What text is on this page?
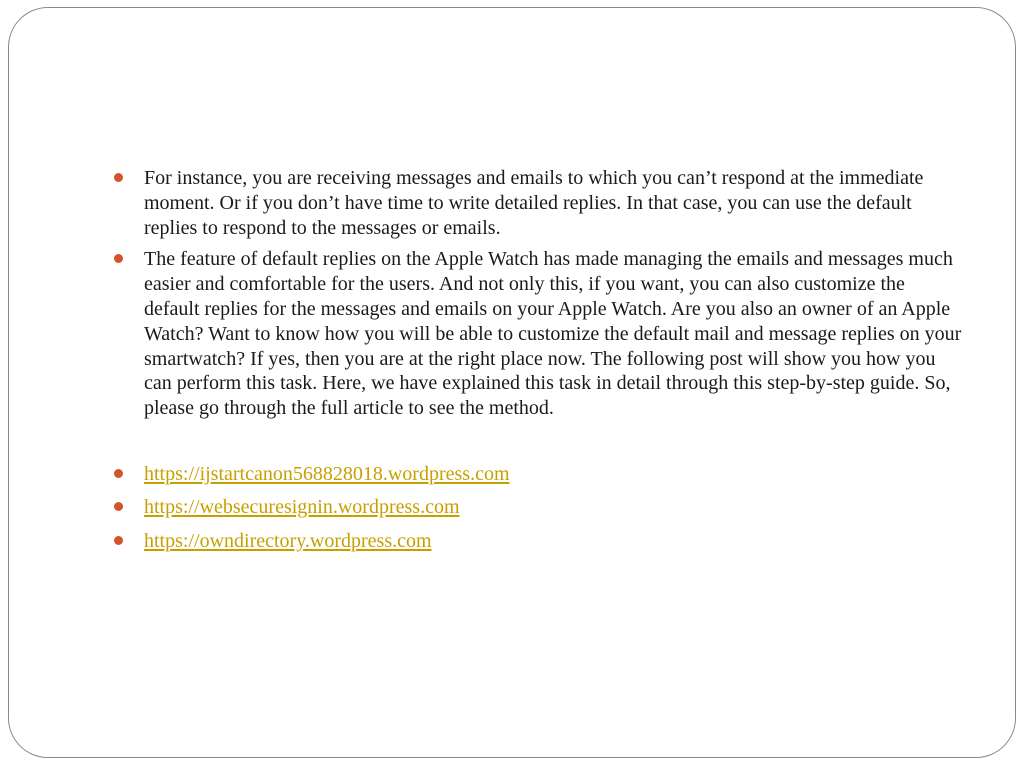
For instance, you are receiving messages and emails to which you can’t respond at the immediate moment. Or if you don’t have time to write detailed replies. In that case, you can use the default replies to respond to the messages or emails.
The feature of default replies on the Apple Watch has made managing the emails and messages much easier and comfortable for the users. And not only this, if you want, you can also customize the default replies for the messages and emails on your Apple Watch. Are you also an owner of an Apple Watch? Want to know how you will be able to customize the default mail and message replies on your smartwatch? If yes, then you are at the right place now. The following post will show you how you can perform this task. Here, we have explained this task in detail through this step-by-step guide. So, please go through the full article to see the method.
https://ijstartcanon568828018.wordpress.com
https://websecuresignin.wordpress.com
https://owndirectory.wordpress.com
